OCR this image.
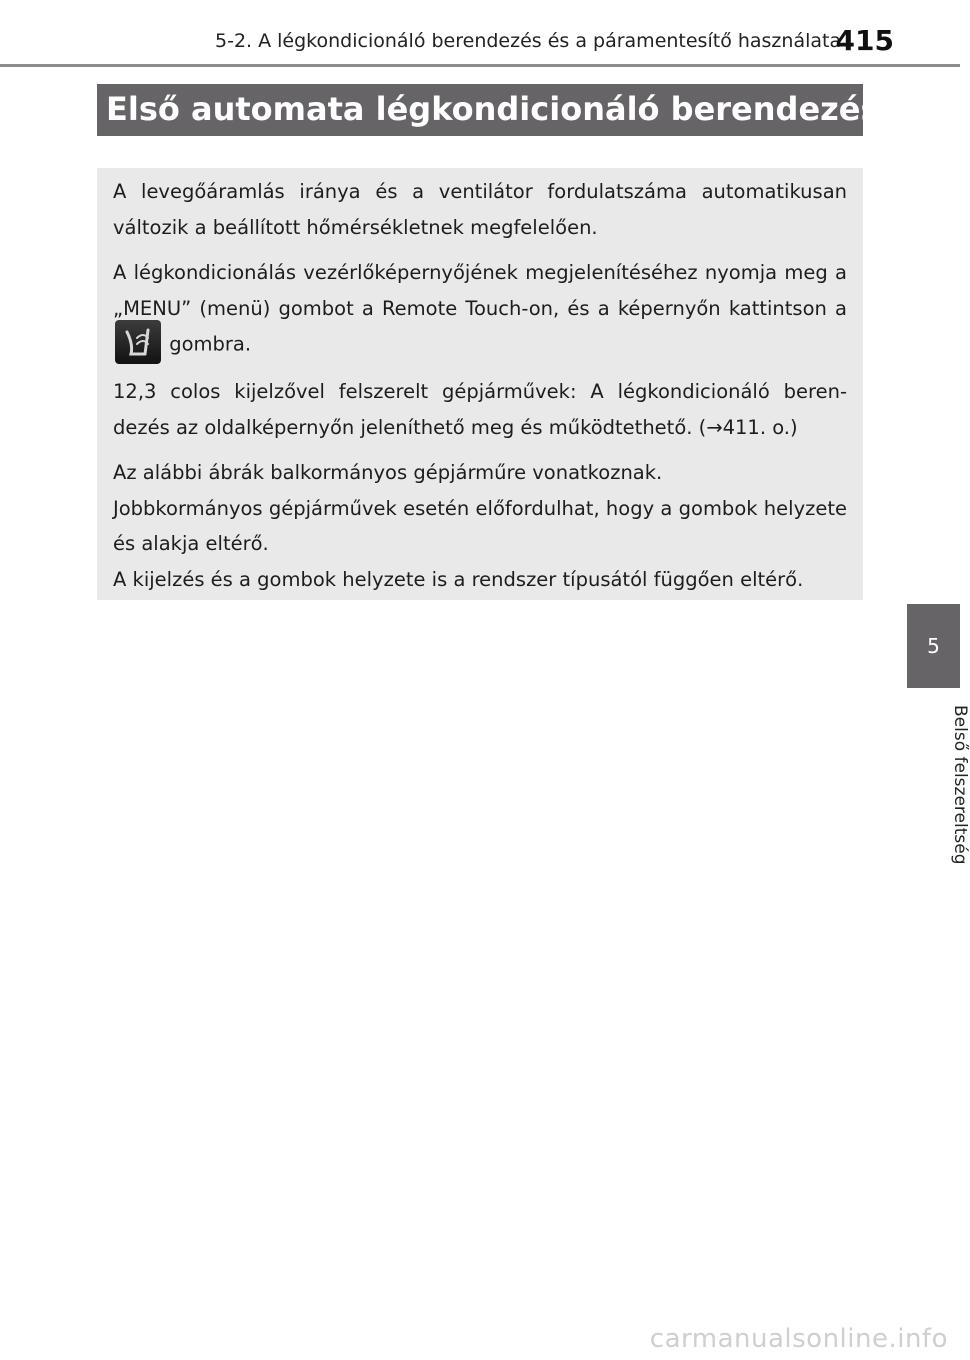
5-2. A légkondicionáló berendezés és a páramentesítő használata
415
Első automata légkondicionáló berendezés

A levegőáramlás iránya és a ventilátor fordulatszáma automatikusan változik a beállított hőmérsékletnek megfelelően.

A légkondicionálás vezérlőképernyőjének megjelenítéséhez nyomja meg a „MENU” (menü) gombot a Remote Touch-on, és a képernyőn kattintson a
gombra.

12,3 colos kijelzővel felszerelt gépjárművek: A légkondicionáló beren-dezés az oldalképernyőn jeleníthető meg és működtethető. (→411. o.)

Az alábbi ábrák balkormányos gépjárműre vonatkoznak.

Jobbkormányos gépjárművek esetén előfordulhat, hogy a gombok helyzete és alakja eltérő.

A kijelzés és a gombok helyzete is a rendszer típusától függően eltérő.

5
Belső felszereltség
carmanualsonline.info
